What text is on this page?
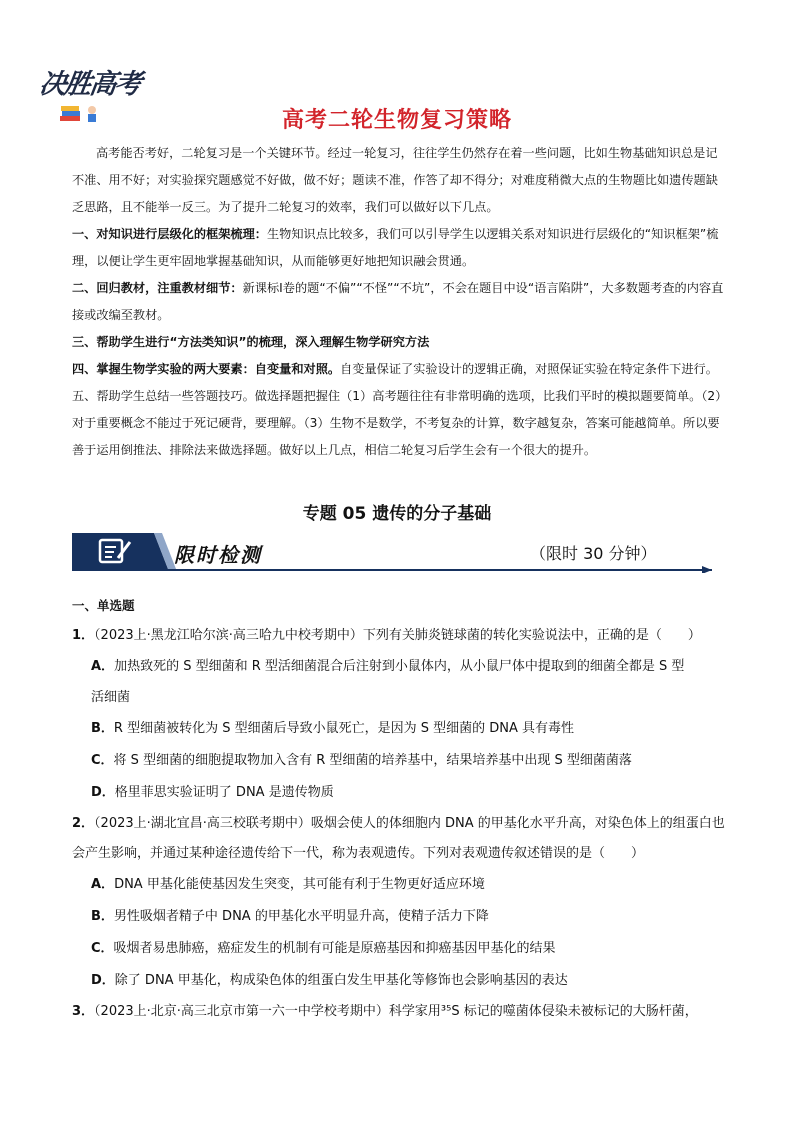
决胜高考
高考二轮生物复习策略

高考能否考好，二轮复习是一个关键环节。经过一轮复习，往往学生仍然存在着一些问题，比如生物基础知识总是记不准、用不好；对实验探究题感觉不好做，做不好；题读不准，作答了却不得分；对难度稍微大点的生物题比如遗传题缺乏思路，且不能举一反三。为了提升二轮复习的效率，我们可以做好以下几点。

一、对知识进行层级化的框架梳理：生物知识点比较多，我们可以引导学生以逻辑关系对知识进行层级化的“知识框架”梳理，以便让学生更牢固地掌握基础知识，从而能够更好地把知识融会贯通。

二、回归教材，注重教材细节：新课标Ⅰ卷的题“不偏”“不怪”“不坑”，不会在题目中设“语言陷阱”，大多数题考查的内容直接或改编至教材。

三、帮助学生进行“方法类知识”的梳理，深入理解生物学研究方法

四、掌握生物学实验的两大要素：自变量和对照。自变量保证了实验设计的逻辑正确，对照保证实验在特定条件下进行。

五、帮助学生总结一些答题技巧。做选择题把握住（1）高考题往往有非常明确的选项，比我们平时的模拟题要简单。（2）对于重要概念不能过于死记硬背，要理解。（3）生物不是数学，不考复杂的计算，数字越复杂，答案可能越简单。所以要善于运用倒推法、排除法来做选择题。做好以上几点，相信二轮复习后学生会有一个很大的提升。

专题 05 遗传的分子基础
限时检测	（限时 30 分钟）
一、单选题
1．（2023上·黑龙江哈尔滨·高三哈九中校考期中）下列有关肺炎链球菌的转化实验说法中，正确的是（　　）
A．加热致死的 S 型细菌和 R 型活细菌混合后注射到小鼠体内，从小鼠尸体中提取到的细菌全都是 S 型
活细菌
B．R 型细菌被转化为 S 型细菌后导致小鼠死亡，是因为 S 型细菌的 DNA 具有毒性
C．将 S 型细菌的细胞提取物加入含有 R 型细菌的培养基中，结果培养基中出现 S 型细菌菌落
D．格里菲思实验证明了 DNA 是遗传物质
2．（2023上·湖北宜昌·高三校联考期中）吸烟会使人的体细胞内 DNA 的甲基化水平升高，对染色体上的组蛋白也会产生影响，并通过某种途径遗传给下一代，称为表观遗传。下列对表观遗传叙述错误的是（　　）
A．DNA 甲基化能使基因发生突变，其可能有利于生物更好适应环境
B．男性吸烟者精子中 DNA 的甲基化水平明显升高，使精子活力下降
C．吸烟者易患肺癌，癌症发生的机制有可能是原癌基因和抑癌基因甲基化的结果
D．除了 DNA 甲基化，构成染色体的组蛋白发生甲基化等修饰也会影响基因的表达
3．（2023上·北京·高三北京市第一六一中学校考期中）科学家用³⁵S 标记的噬菌体侵染未被标记的大肠杆菌，
